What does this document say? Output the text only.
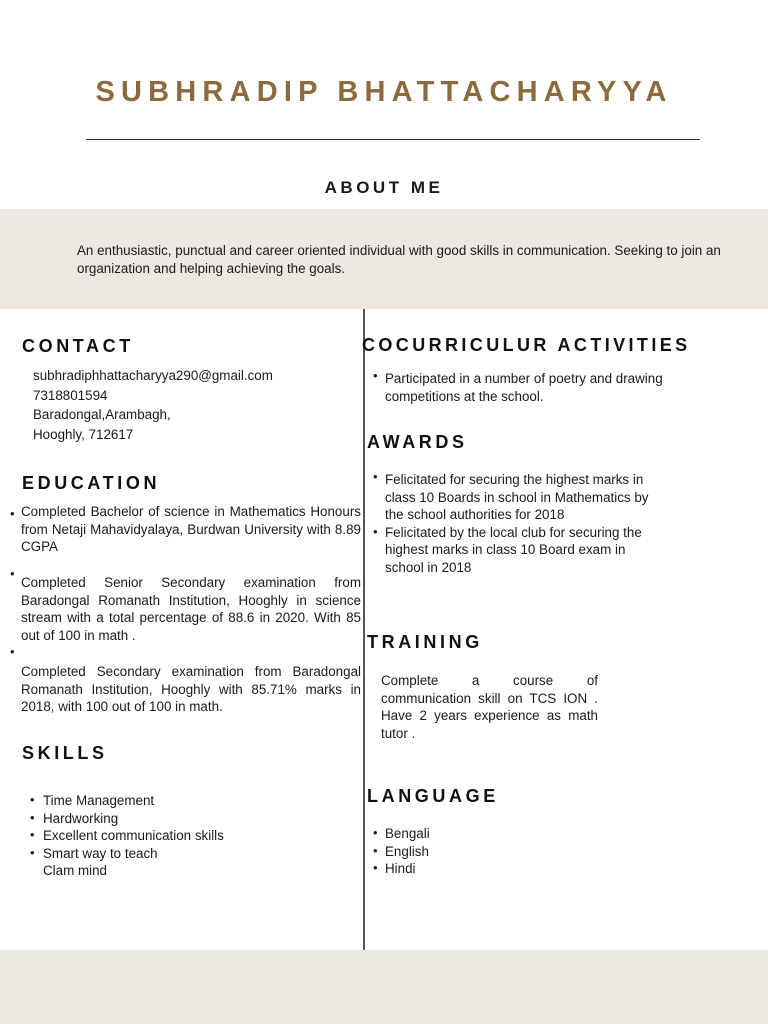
SUBHRADIP BHATTACHARYYA
ABOUT ME
An enthusiastic, punctual and career oriented individual with good skills in communication. Seeking to join an organization and helping achieving the goals.
CONTACT
subhradiphhattacharyya290@gmail.com
7318801594
Baradongal,Arambagh,
Hooghly, 712617
EDUCATION
• Completed Bachelor of science in Mathematics Honours from Netaji Mahavidyalaya, Burdwan University with 8.89 CGPA
•
Completed Senior Secondary examination from Baradongal Romanath Institution, Hooghly in science stream with a total percentage of 88.6 in 2020. With 85 out of 100 in math .
•
Completed Secondary examination from Baradongal Romanath Institution, Hooghly with 85.71% marks in 2018, with 100 out of 100 in math.
SKILLS
• Time Management
• Hardworking
• Excellent communication skills
• Smart way to teach
Clam mind
COCURRICULUR ACTIVITIES
• Participated in a number of poetry and drawing competitions at the school.
AWARDS
• Felicitated for securing the highest marks in class 10 Boards in school in Mathematics by the school authorities for 2018
• Felicitated by the local club for securing the highest marks in class 10 Board exam in school in 2018
TRAINING
Complete a course of communication skill on TCS ION . Have 2 years experience as math tutor .
LANGUAGE
• Bengali
• English
• Hindi
